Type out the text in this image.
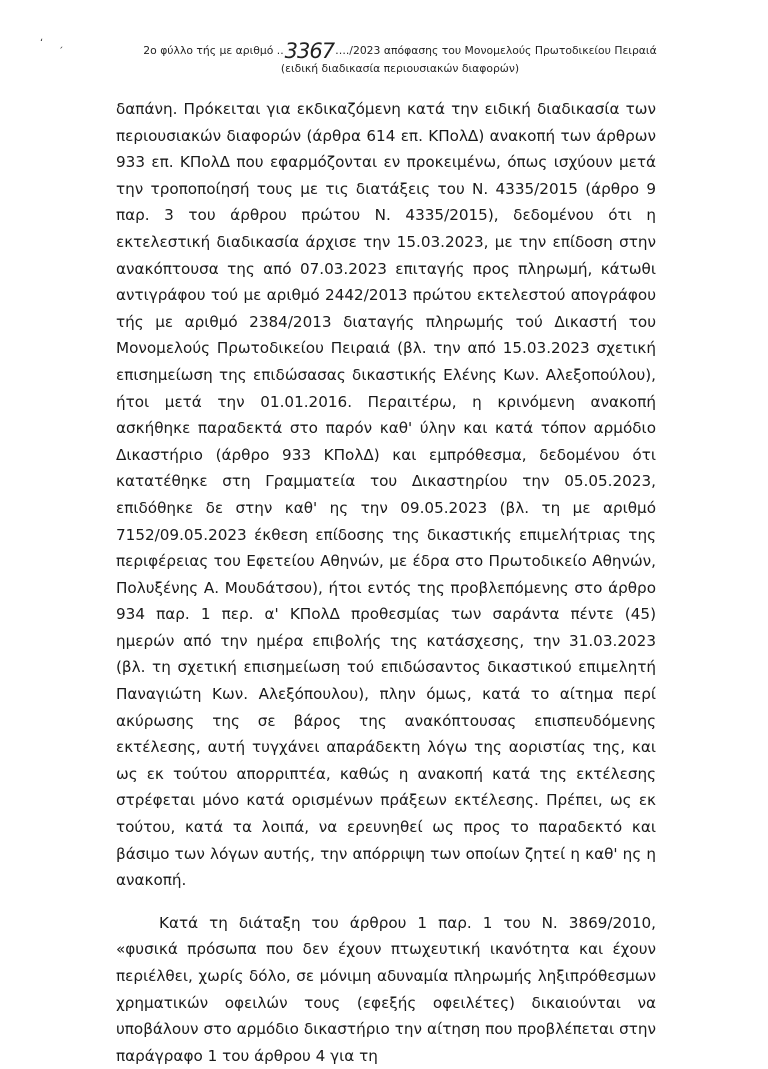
ʻ ˏ
2ο φύλλο τής με αριθμό ..3367…./2023 απόφασης του Μονομελούς Πρωτοδικείου Πειραιά
(ειδική διαδικασία περιουσιακών διαφορών)

δαπάνη. Πρόκειται για εκδικαζόμενη κατά την ειδική διαδικασία των περιουσιακών διαφορών (άρθρα 614 επ. ΚΠολΔ) ανακοπή των άρθρων 933 επ. ΚΠολΔ που εφαρμόζονται εν προκειμένω, όπως ισχύουν μετά την τροποποίησή τους με τις διατάξεις του Ν. 4335/2015 (άρθρο 9 παρ. 3 του άρθρου πρώτου Ν. 4335/2015), δεδομένου ότι η εκτελεστική διαδικασία άρχισε την 15.03.2023, με την επίδοση στην ανακόπτουσα της από 07.03.2023 επιταγής προς πληρωμή, κάτωθι αντιγράφου τού με αριθμό 2442/2013 πρώτου εκτελεστού απογράφου τής με αριθμό 2384/2013 διαταγής πληρωμής τού Δικαστή του Μονομελούς Πρωτοδικείου Πειραιά (βλ. την από 15.03.2023 σχετική επισημείωση της επιδώσασας δικαστικής Ελένης Κων. Αλεξοπούλου), ήτοι μετά την 01.01.2016. Περαιτέρω, η κρινόμενη ανακοπή ασκήθηκε παραδεκτά στο παρόν καθ' ύλην και κατά τόπον αρμόδιο Δικαστήριο (άρθρο 933 ΚΠολΔ) και εμπρόθεσμα, δεδομένου ότι κατατέθηκε στη Γραμματεία του Δικαστηρίου την 05.05.2023, επιδόθηκε δε στην καθ' ης την 09.05.2023 (βλ. τη με αριθμό 7152/09.05.2023 έκθεση επίδοσης της δικαστικής επιμελήτριας της περιφέρειας του Εφετείου Αθηνών, με έδρα στο Πρωτοδικείο Αθηνών, Πολυξένης Α. Μουδάτσου), ήτοι εντός της προβλεπόμενης στο άρθρο 934 παρ. 1 περ. α' ΚΠολΔ προθεσμίας των σαράντα πέντε (45) ημερών από την ημέρα επιβολής της κατάσχεσης, την 31.03.2023 (βλ. τη σχετική επισημείωση τού επιδώσαντος δικαστικού επιμελητή Παναγιώτη Κων. Αλεξόπουλου), πλην όμως, κατά το αίτημα περί ακύρωσης της σε βάρος της ανακόπτουσας επισπευδόμενης εκτέλεσης, αυτή τυγχάνει απαράδεκτη λόγω της αοριστίας της, και ως εκ τούτου απορριπτέα, καθώς η ανακοπή κατά της εκτέλεσης στρέφεται μόνο κατά ορισμένων πράξεων εκτέλεσης. Πρέπει, ως εκ τούτου, κατά τα λοιπά, να ερευνηθεί ως προς το παραδεκτό και βάσιμο των λόγων αυτής, την απόρριψη των οποίων ζητεί η καθ' ης η ανακοπή.

Κατά τη διάταξη του άρθρου 1 παρ. 1 του Ν. 3869/2010, «φυσικά πρόσωπα που δεν έχουν πτωχευτική ικανότητα και έχουν περιέλθει, χωρίς δόλο, σε μόνιμη αδυναμία πληρωμής ληξιπρόθεσμων χρηματικών οφειλών τους (εφεξής οφειλέτες) δικαιούνται να υποβάλουν στο αρμόδιο δικαστήριο την αίτηση που προβλέπεται στην παράγραφο 1 του άρθρου 4 για τη
